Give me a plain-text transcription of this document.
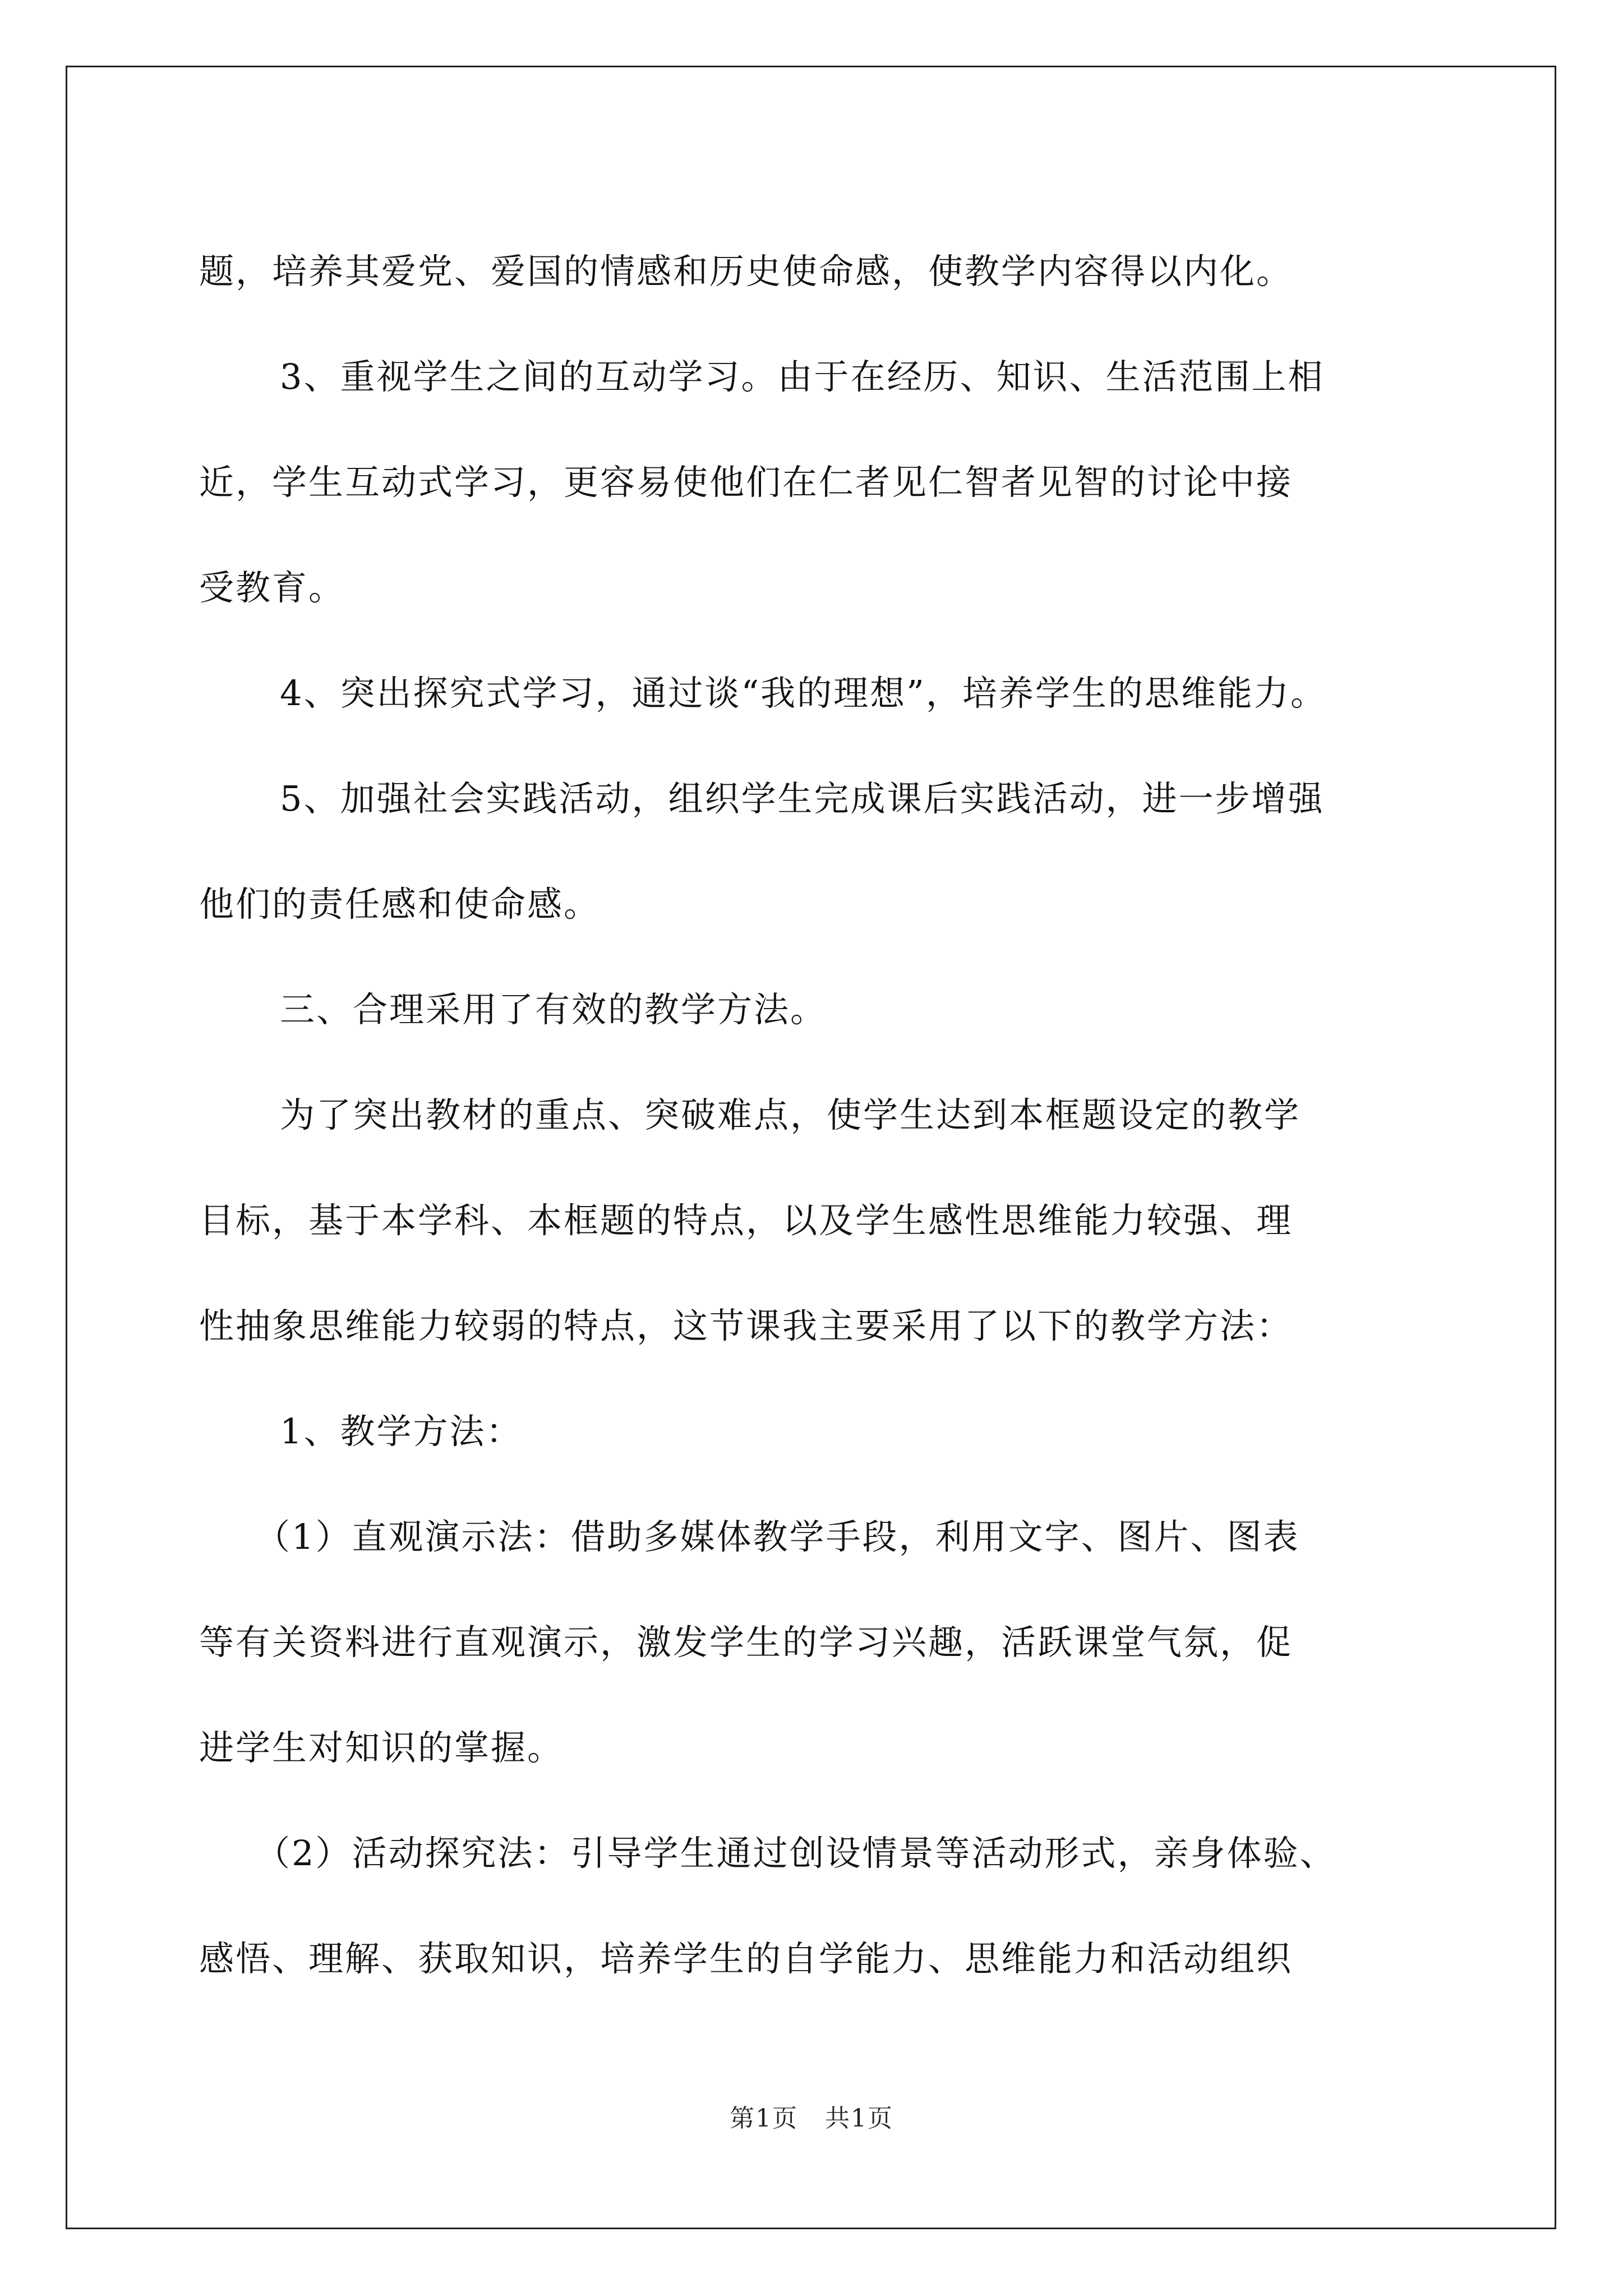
题，培养其爱党、爱国的情感和历史使命感，使教学内容得以内化。
3、重视学生之间的互动学习。由于在经历、知识、生活范围上相
近，学生互动式学习，更容易使他们在仁者见仁智者见智的讨论中接
受教育。
4、突出探究式学习，通过谈“我的理想”，培养学生的思维能力。
5、加强社会实践活动，组织学生完成课后实践活动，进一步增强
他们的责任感和使命感。
三、合理采用了有效的教学方法。
为了突出教材的重点、突破难点，使学生达到本框题设定的教学
目标，基于本学科、本框题的特点，以及学生感性思维能力较强、理
性抽象思维能力较弱的特点，这节课我主要采用了以下的教学方法：
1、教学方法：
（1）直观演示法：借助多媒体教学手段，利用文字、图片、图表
等有关资料进行直观演示，激发学生的学习兴趣，活跃课堂气氛，促
进学生对知识的掌握。
（2）活动探究法：引导学生通过创设情景等活动形式，亲身体验、
感悟、理解、获取知识，培养学生的自学能力、思维能力和活动组织
第1页 共1页
